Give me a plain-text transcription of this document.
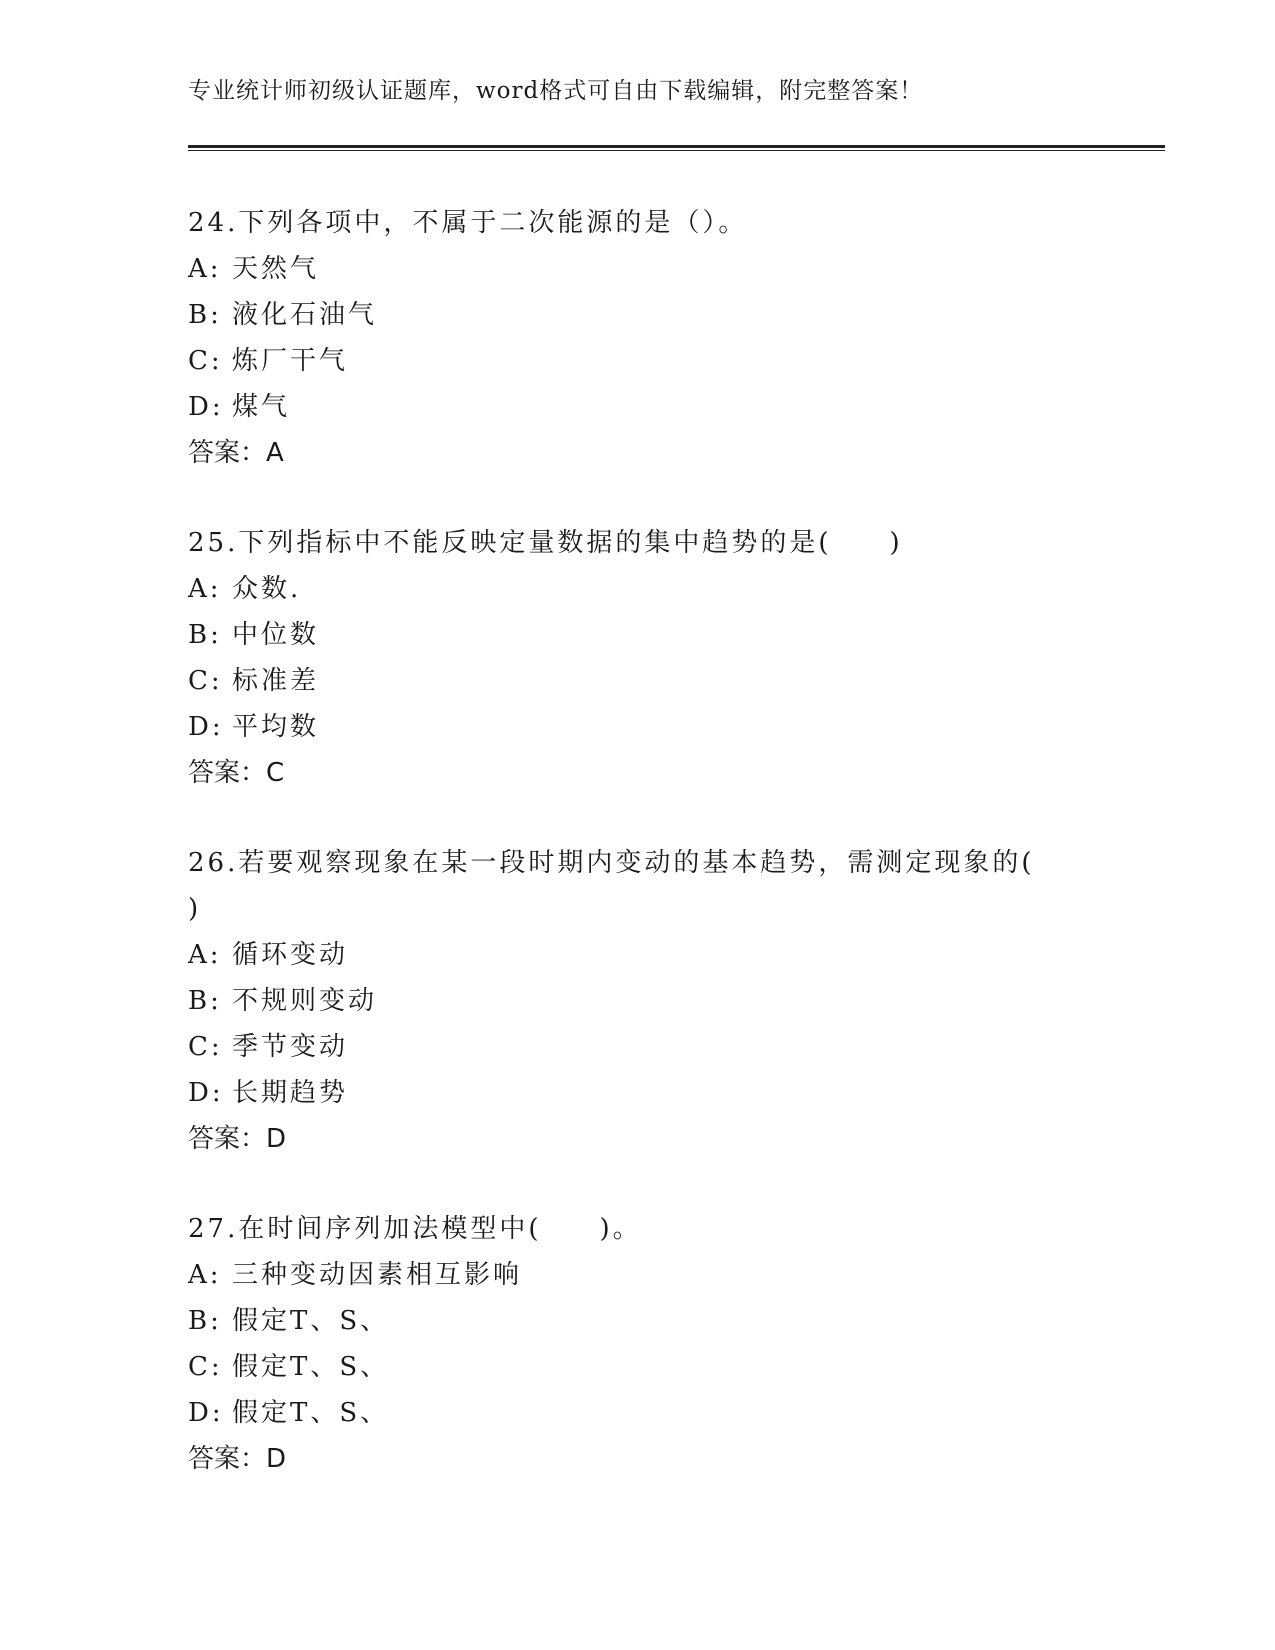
专业统计师初级认证题库，word格式可自由下载编辑，附完整答案！
24.下列各项中，不属于二次能源的是（）。
A: 天然气
B: 液化石油气
C: 炼厂干气
D: 煤气
答案：A
25.下列指标中不能反映定量数据的集中趋势的是(　　)
A: 众数.
B: 中位数
C: 标准差
D: 平均数
答案：C
26.若要观察现象在某一段时期内变动的基本趋势，需测定现象的(
)
A: 循环变动
B: 不规则变动
C: 季节变动
D: 长期趋势
答案：D
27.在时间序列加法模型中(　　)。
A: 三种变动因素相互影响
B: 假定T、S、
C: 假定T、S、
D: 假定T、S、
答案：D
